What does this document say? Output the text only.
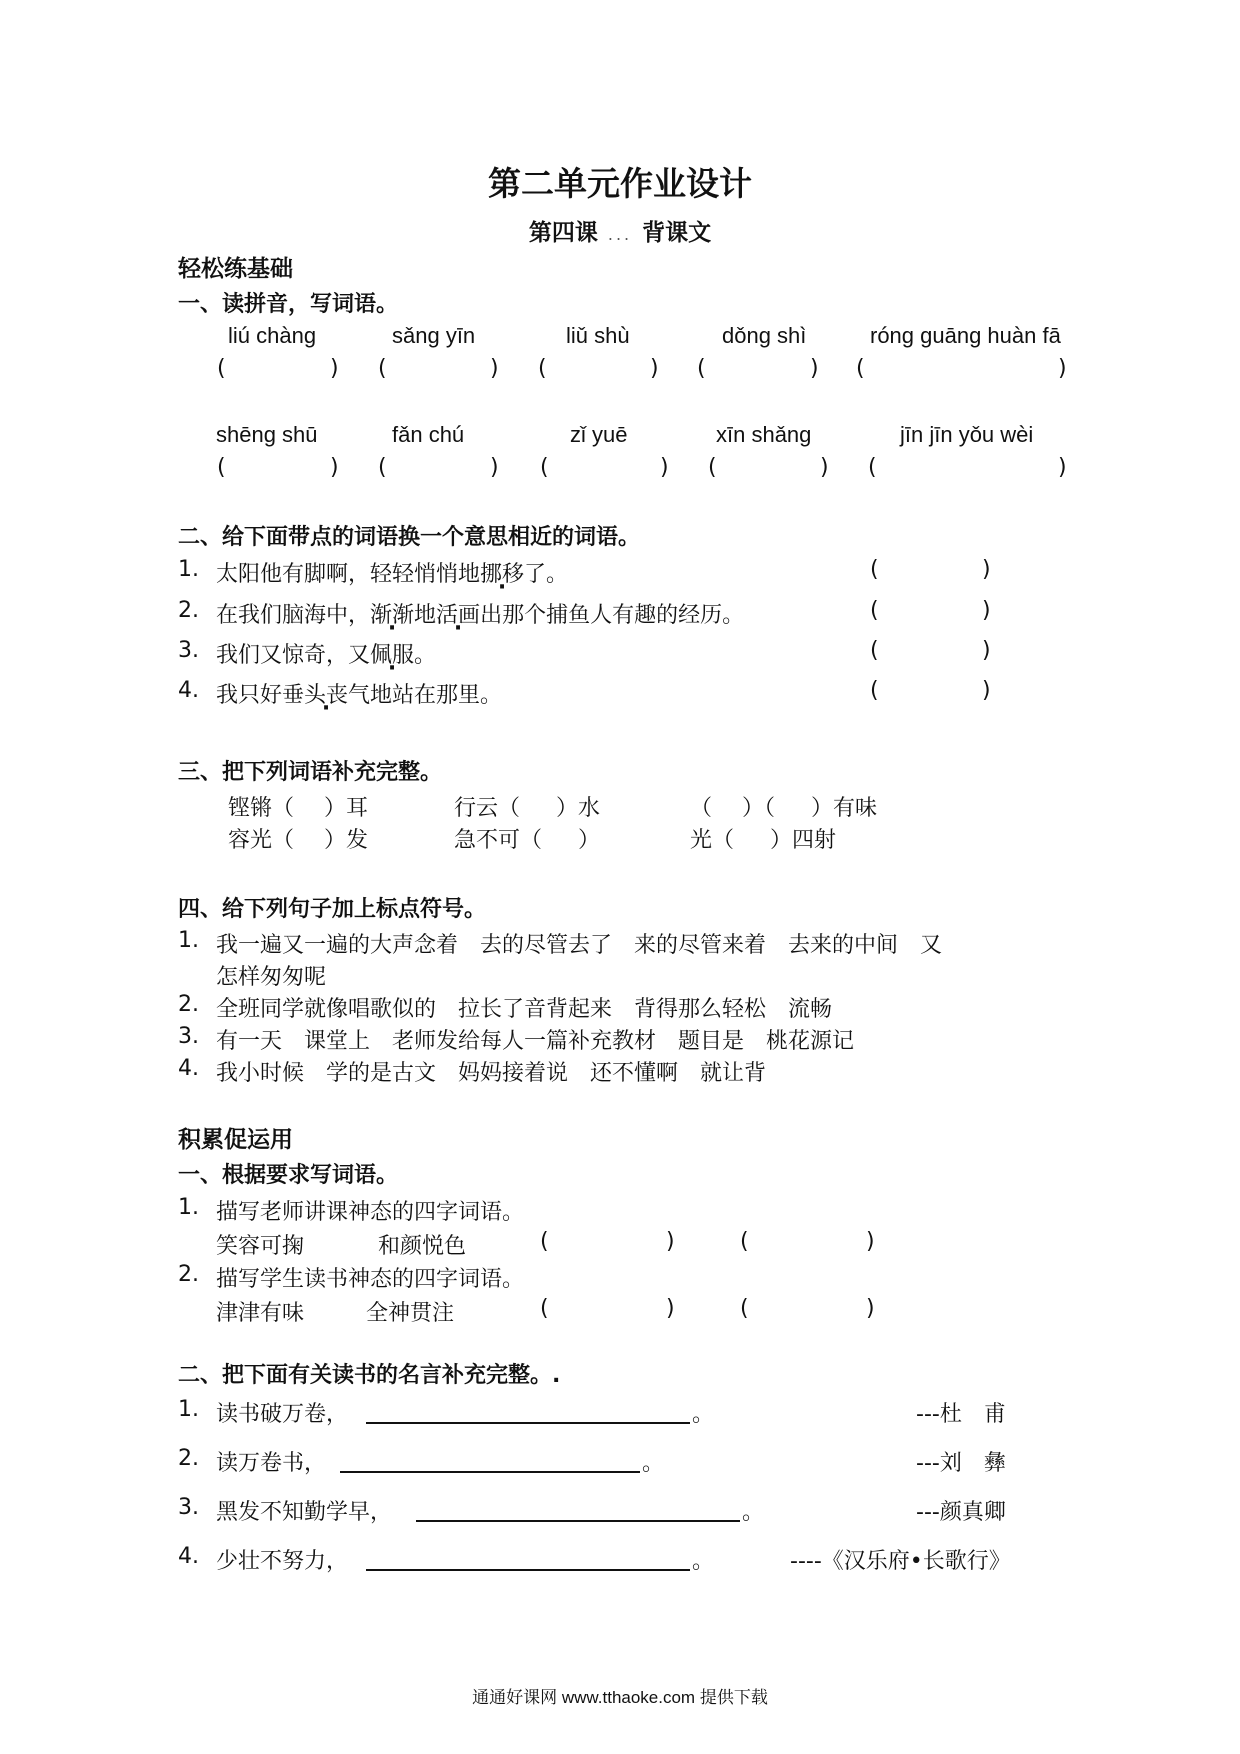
第二单元作业设计
第四课 ... 背课文
轻松练基础
一、读拼音，写词语。
liú chàng	sǎng yīn	liǔ shù	dǒng shì	róng guāng huàn fā
(	) (	) (	) (	) (	)
shēng shū	fǎn chú	zǐ yuē	xīn shǎng	jīn jīn yǒu wèi
(	) (	) (	) (	) (	)
二、给下面带点的词语换一个意思相近的词语。
1. 太阳他有脚啊，轻轻悄悄地挪移了。	(	)
2. 在我们脑海中，渐渐地活画出那个捕鱼人有趣的经历。	(	)
3. 我们又惊奇，又佩服。	(	)
4. 我只好垂头丧气地站在那里。	(	)
三、把下列词语补充完整。
铿锵（ ）耳	行云（ ）水	（ ）（ ）有味
容光（ ）发	急不可（ ）	光（ ）四射
四、给下列句子加上标点符号。
1. 我一遍又一遍的大声念着　去的尽管去了　来的尽管来着　去来的中间　又
怎样匆匆呢
2. 全班同学就像唱歌似的　拉长了音背起来　背得那么轻松　流畅
3. 有一天　课堂上　老师发给每人一篇补充教材　题目是　桃花源记
4. 我小时候　学的是古文　妈妈接着说　还不懂啊　就让背
积累促运用
一、根据要求写词语。
1. 描写老师讲课神态的四字词语。
笑容可掬	和颜悦色	(	)	(	)
2. 描写学生读书神态的四字词语。
津津有味	全神贯注	(	)	(	)
二、把下面有关读书的名言补充完整。.
1. 读书破万卷，	。	---杜　甫
2. 读万卷书，	。	---刘　彝
3. 黑发不知勤学早，	。	---颜真卿
4. 少壮不努力，	。	----《汉乐府•长歌行》
通通好课网 www.tthaoke.com 提供下载
